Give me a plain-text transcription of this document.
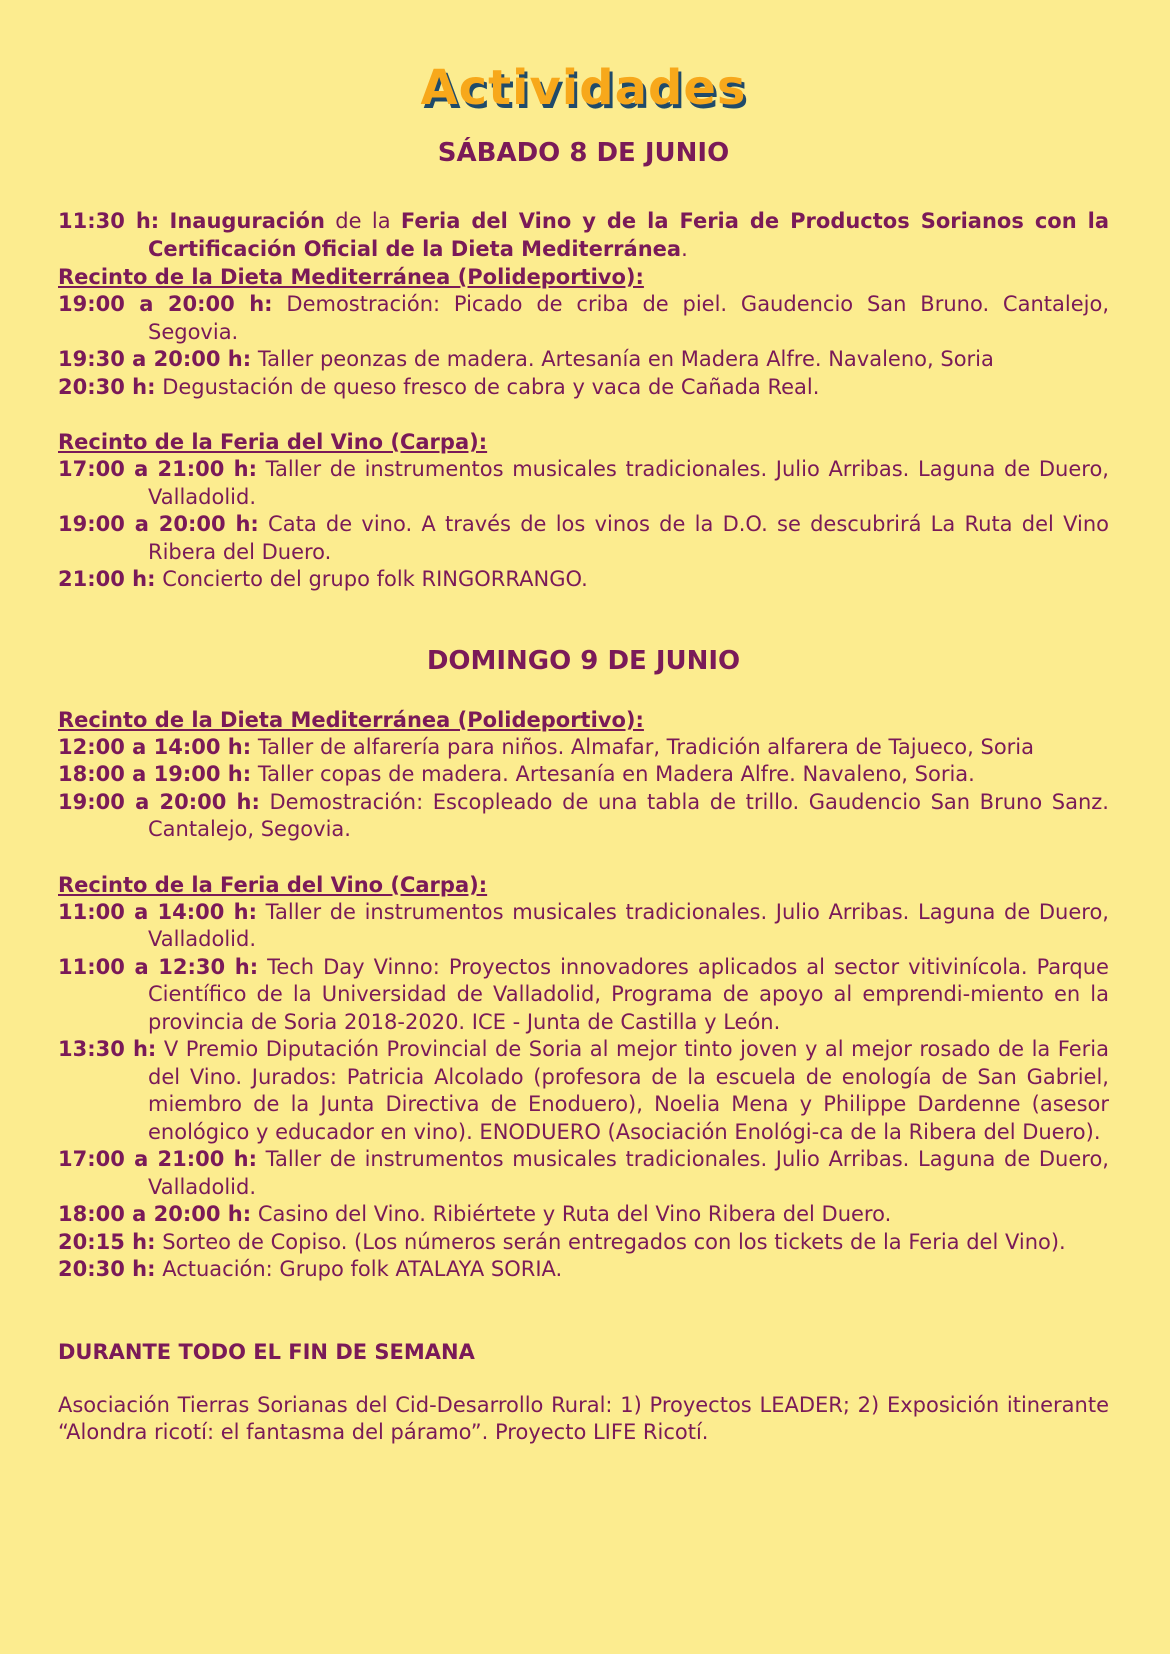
Actividades
SÁBADO 8 DE JUNIO

11:30 h: Inauguración de la Feria del Vino y de la Feria de Productos Sorianos con la Certificación Oficial de la Dieta Mediterránea.

Recinto de la Dieta Mediterránea (Polideportivo):

19:00 a 20:00 h: Demostración: Picado de criba de piel. Gaudencio San Bruno. Cantalejo, Segovia.

19:30 a 20:00 h: Taller peonzas de madera. Artesanía en Madera Alfre. Navaleno, Soria

20:30 h: Degustación de queso fresco de cabra y vaca de Cañada Real.

Recinto de la Feria del Vino (Carpa):

17:00 a 21:00 h: Taller de instrumentos musicales tradicionales. Julio Arribas. Laguna de Duero, Valladolid.

19:00 a 20:00 h: Cata de vino. A través de los vinos de la D.O. se descubrirá La Ruta del Vino Ribera del Duero.

21:00 h: Concierto del grupo folk RINGORRANGO.

DOMINGO 9 DE JUNIO

Recinto de la Dieta Mediterránea (Polideportivo):

12:00 a 14:00 h: Taller de alfarería para niños. Almafar, Tradición alfarera de Tajueco, Soria

18:00 a 19:00 h: Taller copas de madera. Artesanía en Madera Alfre. Navaleno, Soria.

19:00 a 20:00 h: Demostración: Escopleado de una tabla de trillo. Gaudencio San Bruno Sanz. Cantalejo, Segovia.

Recinto de la Feria del Vino (Carpa):

11:00 a 14:00 h: Taller de instrumentos musicales tradicionales. Julio Arribas. Laguna de Duero, Valladolid.

11:00 a 12:30 h: Tech Day Vinno: Proyectos innovadores aplicados al sector vitivinícola. Parque Científico de la Universidad de Valladolid, Programa de apoyo al emprendi-miento en la provincia de Soria 2018-2020. ICE - Junta de Castilla y León.

13:30 h: V Premio Diputación Provincial de Soria al mejor tinto joven y al mejor rosado de la Feria del Vino. Jurados: Patricia Alcolado (profesora de la escuela de enología de San Gabriel, miembro de la Junta Directiva de Enoduero), Noelia Mena y Philippe Dardenne (asesor enológico y educador en vino). ENODUERO (Asociación Enológi-ca de la Ribera del Duero).

17:00 a 21:00 h: Taller de instrumentos musicales tradicionales. Julio Arribas. Laguna de Duero, Valladolid.

18:00 a 20:00 h: Casino del Vino. Ribiértete y Ruta del Vino Ribera del Duero.

20:15 h: Sorteo de Copiso. (Los números serán entregados con los tickets de la Feria del Vino).

20:30 h: Actuación: Grupo folk ATALAYA SORIA.

DURANTE TODO EL FIN DE SEMANA

Asociación Tierras Sorianas del Cid-Desarrollo Rural: 1) Proyectos LEADER; 2) Exposición itinerante “Alondra ricotí: el fantasma del páramo”. Proyecto LIFE Ricotí.
